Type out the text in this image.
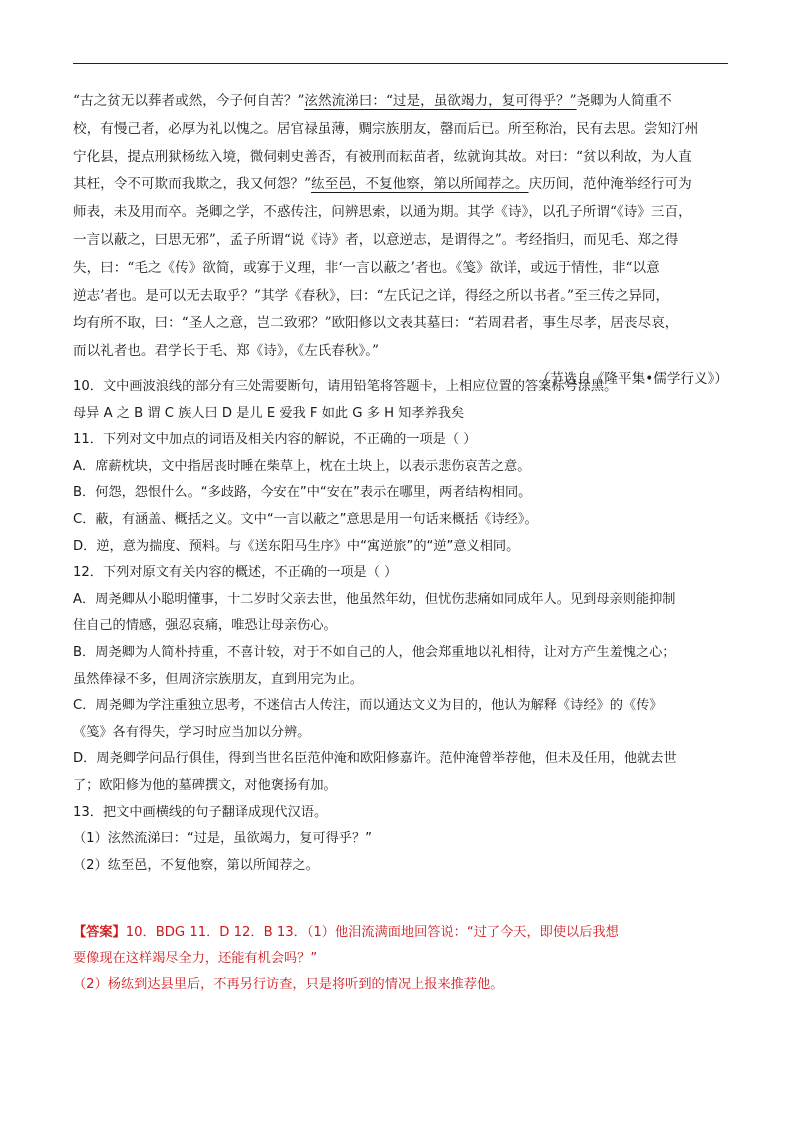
“古之贫无以葬者或然，今子何自苦？”泫然流涕曰：“过是，虽欲竭力，复可得乎？”尧卿为人简重不
校，有慢己者，必厚为礼以愧之。居官禄虽薄，赒宗族朋友，罄而后已。所至称治，民有去思。尝知汀州
宁化县，提点刑狱杨纮入境，微伺剌史善否，有被刑而耘苗者，纮就询其故。对曰：“贫以利故，为人直
其枉，令不可欺而我欺之，我又何怨？”纮至邑，不复他察，第以所闻荐之。庆历间，范仲淹举经行可为
师表，未及用而卒。尧卿之学，不惑传注，问辨思索，以通为期。其学《诗》，以孔子所谓“《诗》三百，
一言以蔽之，曰思无邪”，孟子所谓“说《诗》者，以意逆志，是谓得之”。考经指归，而见毛、郑之得
失，曰：“毛之《传》欲简，或寡于义理，非‘一言以蔽之’者也。《笺》欲详，或远于情性，非“以意
逆志’者也。是可以无去取乎？”其学《春秋》，曰：“左氏记之详，得经之所以书者。”至三传之异同，
均有所不取，曰：“圣人之意，岂二致邪？”欧阳修以文表其墓曰：“若周君者，事生尽孝，居丧尽哀，
而以礼者也。君学长于毛、郑《诗》，《左氏春秋》。”
（节选自《隆平集•儒学行义》）
10．文中画波浪线的部分有三处需要断句，请用铅笔将答题卡，上相应位置的答案标号涂黑。
母异 A 之 B 谓 C 族人曰 D 是儿 E 爱我 F 如此 G 多 H 知孝养我矣
11．下列对文中加点的词语及相关内容的解说，不正确的一项是（ ）
A．席薪枕块，文中指居丧时睡在柴草上，枕在土块上，以表示悲伤哀苦之意。
B．何怨，怨恨什么。“多歧路，今安在”中“安在”表示在哪里，两者结构相同。
C．蔽，有涵盖、概括之义。文中“一言以蔽之”意思是用一句话来概括《诗经》。
D．逆，意为揣度、预料。与《送东阳马生序》中“寓逆旅”的“逆”意义相同。
12．下列对原文有关内容的概述，不正确的一项是（ ）
A．周尧卿从小聪明懂事，十二岁时父亲去世，他虽然年幼，但忧伤悲痛如同成年人。见到母亲则能抑制
住自己的情感，强忍哀痛，唯恐让母亲伤心。
B．周尧卿为人简朴持重，不喜计较，对于不如自己的人，他会郑重地以礼相待，让对方产生羞愧之心；
虽然俸禄不多，但周济宗族朋友，直到用完为止。
C．周尧卿为学注重独立思考，不迷信古人传注，而以通达文义为目的，他认为解释《诗经》的《传》
《笺》各有得失，学习时应当加以分辨。
D．周尧卿学问品行俱佳，得到当世名臣范仲淹和欧阳修嘉许。范仲淹曾举荐他，但未及任用，他就去世
了；欧阳修为他的墓碑撰文，对他褒扬有加。
13．把文中画横线的句子翻译成现代汉语。
（1）泫然流涕曰：“过是，虽欲竭力，复可得乎？”
（2）纮至邑，不复他察，第以所闻荐之。
【答案】10．BDG 11．D 12．B 13．（1）他泪流满面地回答说：“过了今天，即使以后我想
要像现在这样竭尽全力，还能有机会吗？”
（2）杨纮到达县里后，不再另行访查，只是将听到的情况上报来推荐他。
